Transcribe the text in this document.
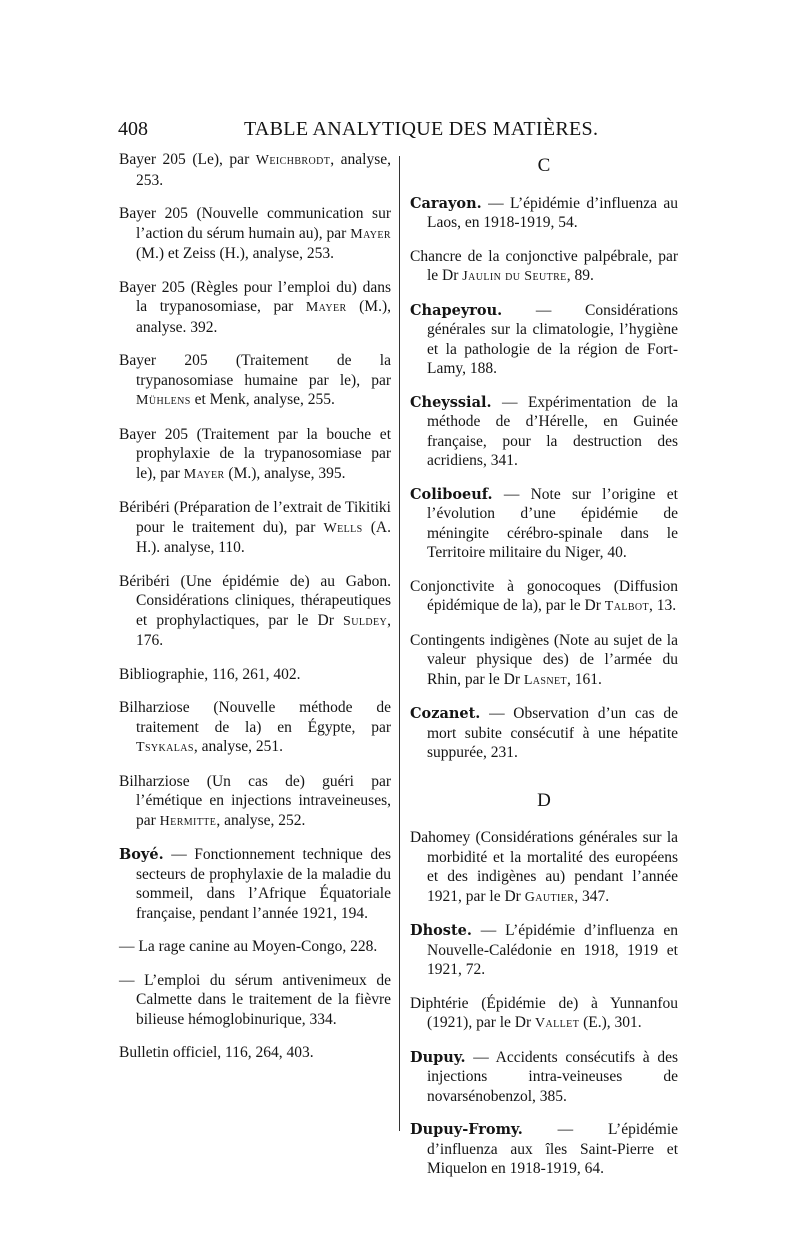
408	TABLE ANALYTIQUE DES MATIÈRES.

Bayer 205 (Le), par Weichbrodt, analyse, 253.

Bayer 205 (Nouvelle communication sur l’action du sérum humain au), par Mayer (M.) et Zeiss (H.), analyse, 253.

Bayer 205 (Règles pour l’emploi du) dans la trypanosomiase, par Mayer (M.), analyse. 392.

Bayer 205 (Traitement de la trypanosomiase humaine par le), par Mühlens et Menk, analyse, 255.

Bayer 205 (Traitement par la bouche et prophylaxie de la trypanosomiase par le), par Mayer (M.), analyse, 395.

Béribéri (Préparation de l’extrait de Tikitiki pour le traitement du), par Wells (A. H.). analyse, 110.

Béribéri (Une épidémie de) au Gabon. Considérations cliniques, thérapeutiques et prophylactiques, par le Dr Suldey, 176.

Bibliographie, 116, 261, 402.

Bilharziose (Nouvelle méthode de traitement de la) en Égypte, par Tsykalas, analyse, 251.

Bilharziose (Un cas de) guéri par l’émétique en injections intraveineuses, par Hermitte, analyse, 252.

Boyé. — Fonctionnement technique des secteurs de prophylaxie de la maladie du sommeil, dans l’Afrique Équatoriale française, pendant l’année 1921, 194.

— La rage canine au Moyen-Congo, 228.

— L’emploi du sérum antivenimeux de Calmette dans le traitement de la fièvre bilieuse hémoglobinurique, 334.

Bulletin officiel, 116, 264, 403.

C

Carayon. — L’épidémie d’influenza au Laos, en 1918-1919, 54.

Chancre de la conjonctive palpébrale, par le Dr Jaulin du Seutre, 89.

Chapeyrou. — Considérations générales sur la climatologie, l’hygiène et la pathologie de la région de Fort-Lamy, 188.

Cheyssial. — Expérimentation de la méthode de d’Hérelle, en Guinée française, pour la destruction des acridiens, 341.

Coliboeuf. — Note sur l’origine et l’évolution d’une épidémie de méningite cérébro-spinale dans le Territoire militaire du Niger, 40.

Conjonctivite à gonocoques (Diffusion épidémique de la), par le Dr Talbot, 13.

Contingents indigènes (Note au sujet de la valeur physique des) de l’armée du Rhin, par le Dr Lasnet, 161.

Cozanet. — Observation d’un cas de mort subite consécutif à une hépatite suppurée, 231.

D

Dahomey (Considérations générales sur la morbidité et la mortalité des européens et des indigènes au) pendant l’année 1921, par le Dr Gautier, 347.

Dhoste. — L’épidémie d’influenza en Nouvelle-Calédonie en 1918, 1919 et 1921, 72.

Diphtérie (Épidémie de) à Yunnanfou (1921), par le Dr Vallet (E.), 301.

Dupuy. — Accidents consécutifs à des injections intra-veineuses de novarsénobenzol, 385.

Dupuy-Fromy. — L’épidémie d’influenza aux îles Saint-Pierre et Miquelon en 1918-1919, 64.
